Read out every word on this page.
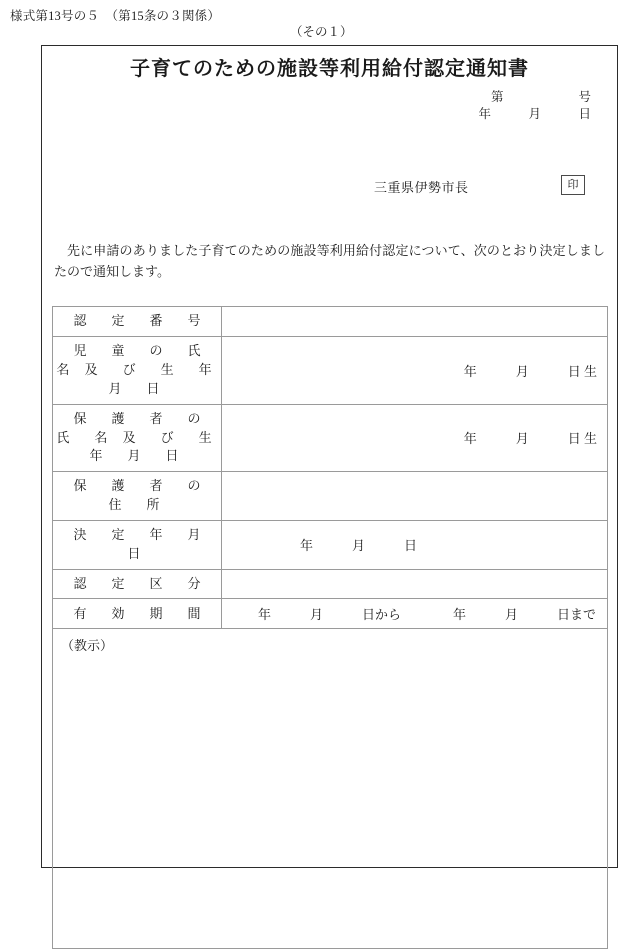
様式第13号の５　（第15条の３関係）
（その１）
子育てのための施設等利用給付認定通知書
第　　　　　　号
年　　　月　　　日
三重県伊勢市長	印
先に申請のありました子育てのための施設等利用給付認定について、次のとおり決定しましたので通知します。
認　定　番　号	
児　童　の　氏　名 及　び　生　年　月　日	年　　　月　　　日 生
保　護　者　の　氏　名 及　び　生　年　月　日	年　　　月　　　日 生
保　護　者　の　住　所	
決　定　年　月　日	年　　　月　　　日
認　定　区　分	
有　効　期　間	年　　　月　　　日から　　　　年　　　月　　　日まで
（教示）
